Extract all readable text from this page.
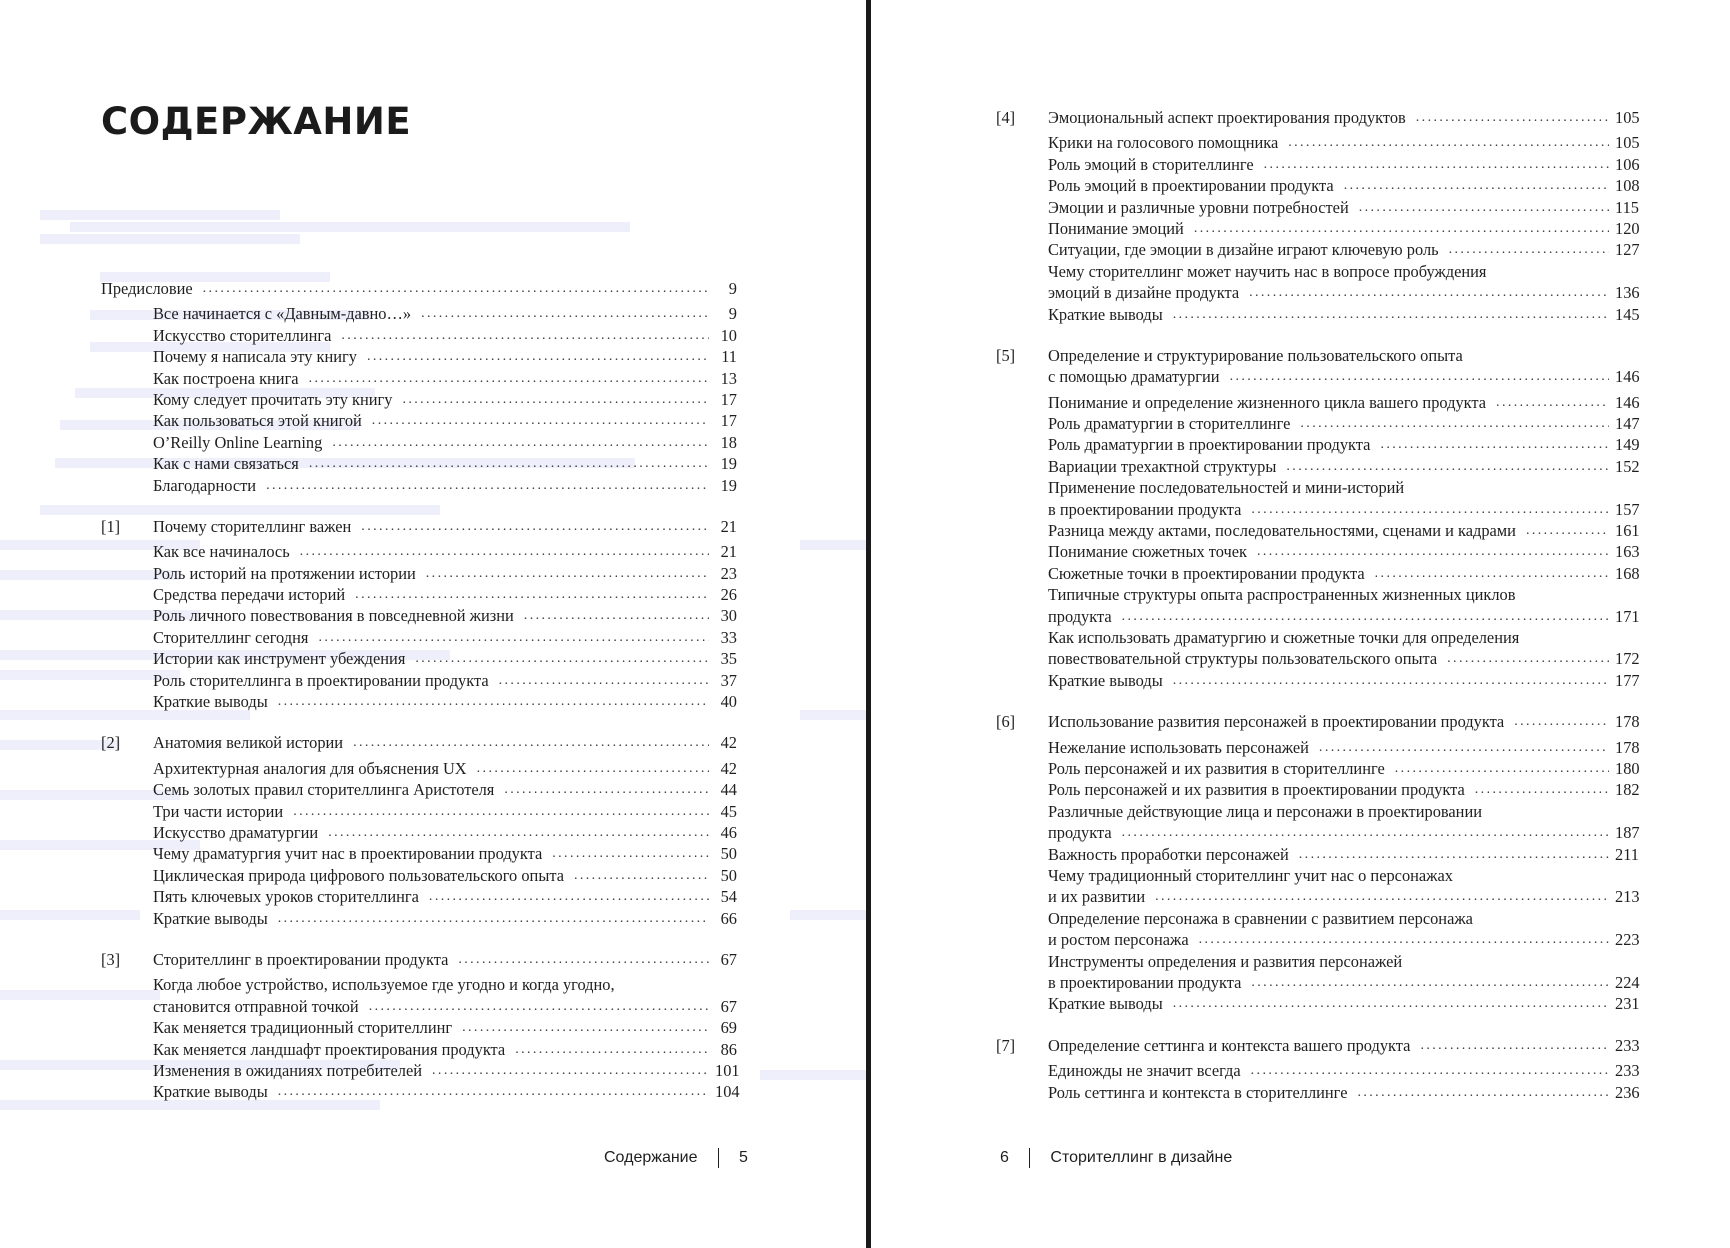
СОДЕРЖАНИЕ
Предисловие .....	9
Все начинается с «Давным-давно…» .....	9
Искусство сторителлинга .....	10
Почему я написала эту книгу .....	11
Как построена книга .....	13
Кому следует прочитать эту книгу .....	17
Как пользоваться этой книгой .....	17
O’Reilly Online Learning .....	18
Как с нами связаться .....	19
Благодарности .....	19
[1]	Почему сторителлинг важен .....	21
Как все начиналось .....	21
Роль историй на протяжении истории .....	23
Средства передачи историй .....	26
Роль личного повествования в повседневной жизни .....	30
Сторителлинг сегодня .....	33
Истории как инструмент убеждения .....	35
Роль сторителлинга в проектировании продукта .....	37
Краткие выводы .....	40
[2]	Анатомия великой истории .....	42
Архитектурная аналогия для объяснения UX .....	42
Семь золотых правил сторителлинга Аристотеля .....	44
Три части истории .....	45
Искусство драматургии .....	46
Чему драматургия учит нас в проектировании продукта .....	50
Циклическая природа цифрового пользовательского опыта .....	50
Пять ключевых уроков сторителлинга .....	54
Краткие выводы .....	66
[3]	Сторителлинг в проектировании продукта .....	67
Когда любое устройство, используемое где угодно и когда угодно,
становится отправной точкой .....	67
Как меняется традиционный сторителлинг .....	69
Как меняется ландшафт проектирования продукта .....	86
Изменения в ожиданиях потребителей .....	101
Краткие выводы .....	104
Содержание	5
[4]	Эмоциональный аспект проектирования продуктов .....	105
Крики на голосового помощника .....	105
Роль эмоций в сторителлинге .....	106
Роль эмоций в проектировании продукта .....	108
Эмоции и различные уровни потребностей .....	115
Понимание эмоций .....	120
Ситуации, где эмоции в дизайне играют ключевую роль .....	127
Чему сторителлинг может научить нас в вопросе пробуждения
эмоций в дизайне продукта .....	136
Краткие выводы .....	145
[5]	Определение и структурирование пользовательского опыта
с помощью драматургии .....	146
Понимание и определение жизненного цикла вашего продукта .....	146
Роль драматургии в сторителлинге .....	147
Роль драматургии в проектировании продукта .....	149
Вариации трехактной структуры .....	152
Применение последовательностей и мини-историй
в проектировании продукта .....	157
Разница между актами, последовательностями, сценами и кадрами .....	161
Понимание сюжетных точек .....	163
Сюжетные точки в проектировании продукта .....	168
Типичные структуры опыта распространенных жизненных циклов
продукта .....	171
Как использовать драматургию и сюжетные точки для определения
повествовательной структуры пользовательского опыта .....	172
Краткие выводы .....	177
[6]	Использование развития персонажей в проектировании продукта .....	178
Нежелание использовать персонажей .....	178
Роль персонажей и их развития в сторителлинге .....	180
Роль персонажей и их развития в проектировании продукта .....	182
Различные действующие лица и персонажи в проектировании
продукта .....	187
Важность проработки персонажей .....	211
Чему традиционный сторителлинг учит нас о персонажах
и их развитии .....	213
Определение персонажа в сравнении с развитием персонажа
и ростом персонажа .....	223
Инструменты определения и развития персонажей
в проектировании продукта .....	224
Краткие выводы .....	231
[7]	Определение сеттинга и контекста вашего продукта .....	233
Единожды не значит всегда .....	233
Роль сеттинга и контекста в сторителлинге .....	236
6	Сторителлинг в дизайне
